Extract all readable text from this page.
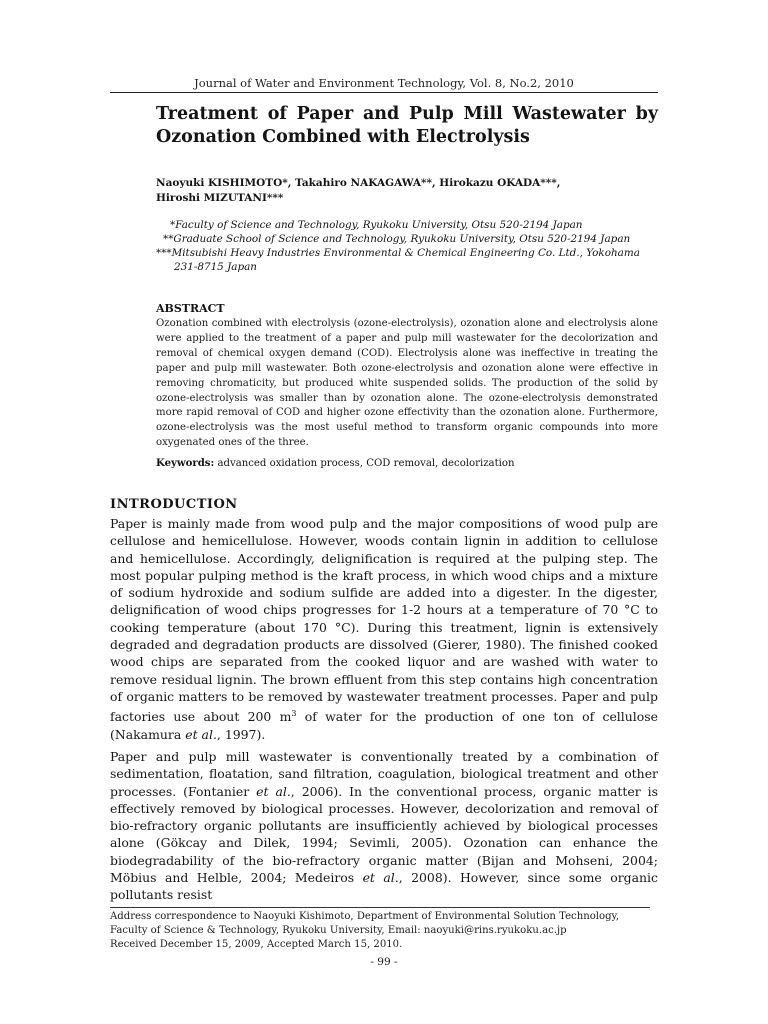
Journal of Water and Environment Technology, Vol. 8, No.2, 2010
Treatment of Paper and Pulp Mill Wastewater by Ozonation Combined with Electrolysis
Naoyuki KISHIMOTO*, Takahiro NAKAGAWA**, Hirokazu OKADA***,
Hiroshi MIZUTANI***
*Faculty of Science and Technology, Ryukoku University, Otsu 520-2194 Japan
**Graduate School of Science and Technology, Ryukoku University, Otsu 520-2194 Japan
***Mitsubishi Heavy Industries Environmental & Chemical Engineering Co. Ltd., Yokohama
231-8715 Japan
ABSTRACT
Ozonation combined with electrolysis (ozone-electrolysis), ozonation alone and electrolysis alone were applied to the treatment of a paper and pulp mill wastewater for the decolorization and removal of chemical oxygen demand (COD). Electrolysis alone was ineffective in treating the paper and pulp mill wastewater. Both ozone-electrolysis and ozonation alone were effective in removing chromaticity, but produced white suspended solids. The production of the solid by ozone-electrolysis was smaller than by ozonation alone. The ozone-electrolysis demonstrated more rapid removal of COD and higher ozone effectivity than the ozonation alone. Furthermore, ozone-electrolysis was the most useful method to transform organic compounds into more oxygenated ones of the three.
Keywords: advanced oxidation process, COD removal, decolorization
INTRODUCTION
Paper is mainly made from wood pulp and the major compositions of wood pulp are cellulose and hemicellulose. However, woods contain lignin in addition to cellulose and hemicellulose. Accordingly, delignification is required at the pulping step. The most popular pulping method is the kraft process, in which wood chips and a mixture of sodium hydroxide and sodium sulfide are added into a digester. In the digester, delignification of wood chips progresses for 1-2 hours at a temperature of 70 °C to cooking temperature (about 170 °C). During this treatment, lignin is extensively degraded and degradation products are dissolved (Gierer, 1980). The finished cooked wood chips are separated from the cooked liquor and are washed with water to remove residual lignin. The brown effluent from this step contains high concentration of organic matters to be removed by wastewater treatment processes. Paper and pulp factories use about 200 $m^3$ of water for the production of one ton of cellulose (Nakamura et al., 1997).
Paper and pulp mill wastewater is conventionally treated by a combination of sedimentation, floatation, sand filtration, coagulation, biological treatment and other processes. (Fontanier et al., 2006). In the conventional process, organic matter is effectively removed by biological processes. However, decolorization and removal of bio-refractory organic pollutants are insufficiently achieved by biological processes alone (Gökcay and Dilek, 1994; Sevimli, 2005). Ozonation can enhance the biodegradability of the bio-refractory organic matter (Bijan and Mohseni, 2004; Möbius and Helble, 2004; Medeiros et al., 2008). However, since some organic pollutants resist
Address correspondence to Naoyuki Kishimoto, Department of Environmental Solution Technology,
Faculty of Science & Technology, Ryukoku University, Email: naoyuki@rins.ryukoku.ac.jp
Received December 15, 2009, Accepted March 15, 2010.
- 99 -
